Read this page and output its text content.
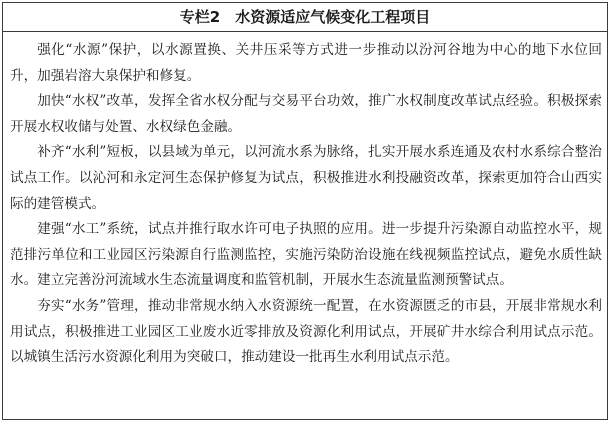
专栏2　水资源适应气候变化工程项目

强化“水源”保护，以水源置换、关井压采等方式进一步推动以汾河谷地为中心的地下水位回升，加强岩溶大泉保护和修复。

加快“水权”改革，发挥全省水权分配与交易平台功效，推广水权制度改革试点经验。积极探索开展水权收储与处置、水权绿色金融。

补齐“水利”短板，以县域为单元，以河流水系为脉络，扎实开展水系连通及农村水系综合整治试点工作。以沁河和永定河生态保护修复为试点，积极推进水利投融资改革，探索更加符合山西实际的建管模式。

建强“水工”系统，试点并推行取水许可电子执照的应用。进一步提升污染源自动监控水平，规范排污单位和工业园区污染源自行监测监控，实施污染防治设施在线视频监控试点，避免水质性缺水。建立完善汾河流域水生态流量调度和监管机制，开展水生态流量监测预警试点。

夯实“水务”管理，推动非常规水纳入水资源统一配置，在水资源匮乏的市县，开展非常规水利用试点，积极推进工业园区工业废水近零排放及资源化利用试点，开展矿井水综合利用试点示范。以城镇生活污水资源化利用为突破口，推动建设一批再生水利用试点示范。
